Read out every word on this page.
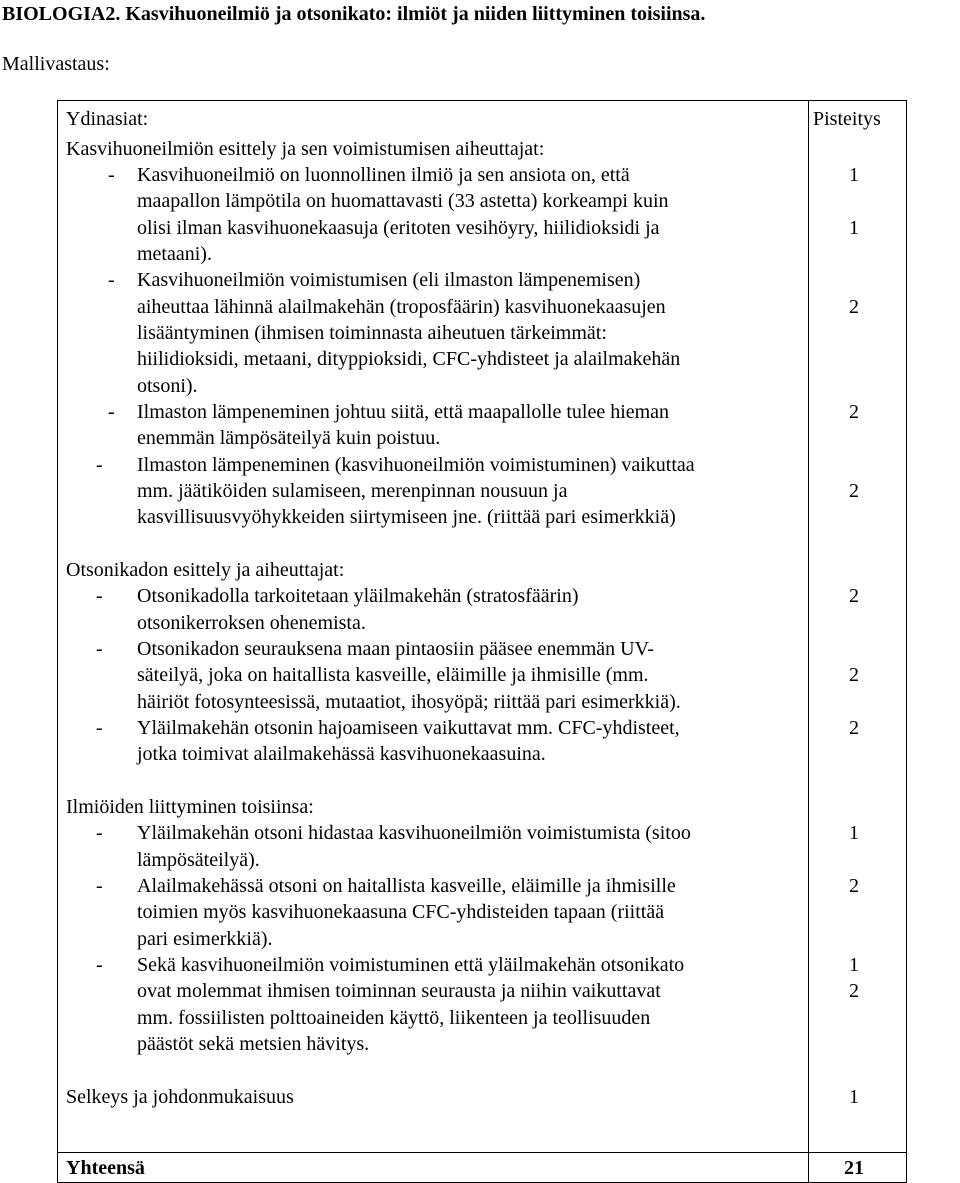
BIOLOGIA2. Kasvihuoneilmiö ja otsonikato: ilmiöt ja niiden liittyminen toisiinsa.
Mallivastaus:
Ydinasiat:	Pisteitys
Kasvihuoneilmiön esittely ja sen voimistumisen aiheuttajat:
- Kasvihuoneilmiö on luonnollinen ilmiö ja sen ansiota on, että
maapallon lämpötila on huomattavasti (33 astetta) korkeampi kuin
olisi ilman kasvihuonekaasuja (eritoten vesihöyry, hiilidioksidi ja
metaani).
- Kasvihuoneilmiön voimistumisen (eli ilmaston lämpenemisen)
aiheuttaa lähinnä alailmakehän (troposfäärin) kasvihuonekaasujen
lisääntyminen (ihmisen toiminnasta aiheutuen tärkeimmät:
hiilidioksidi, metaani, dityppioksidi, CFC-yhdisteet ja alailmakehän
otsoni).
- Ilmaston lämpeneminen johtuu siitä, että maapallolle tulee hieman
enemmän lämpösäteilyä kuin poistuu.
- Ilmaston lämpeneminen (kasvihuoneilmiön voimistuminen) vaikuttaa
mm. jäätiköiden sulamiseen, merenpinnan nousuun ja
kasvillisuusvyöhykkeiden siirtymiseen jne. (riittää pari esimerkkiä)
Otsonikadon esittely ja aiheuttajat:
- Otsonikadolla tarkoitetaan yläilmakehän (stratosfäärin)
otsonikerroksen ohenemista.
- Otsonikadon seurauksena maan pintaosiin pääsee enemmän UV-
säteilyä, joka on haitallista kasveille, eläimille ja ihmisille (mm.
häiriöt fotosynteesissä, mutaatiot, ihosyöpä; riittää pari esimerkkiä).
- Yläilmakehän otsonin hajoamiseen vaikuttavat mm. CFC-yhdisteet,
jotka toimivat alailmakehässä kasvihuonekaasuina.
Ilmiöiden liittyminen toisiinsa:
- Yläilmakehän otsoni hidastaa kasvihuoneilmiön voimistumista (sitoo
lämpösäteilyä).
- Alailmakehässä otsoni on haitallista kasveille, eläimille ja ihmisille
toimien myös kasvihuonekaasuna CFC-yhdisteiden tapaan (riittää
pari esimerkkiä).
- Sekä kasvihuoneilmiön voimistuminen että yläilmakehän otsonikato
ovat molemmat ihmisen toiminnan seurausta ja niihin vaikuttavat
mm. fossiilisten polttoaineiden käyttö, liikenteen ja teollisuuden
päästöt sekä metsien hävitys.
Selkeys ja johdonmukaisuus
1
1
2
2
2
2
2
2
1
2
1
2
1
Yhteensä	21
